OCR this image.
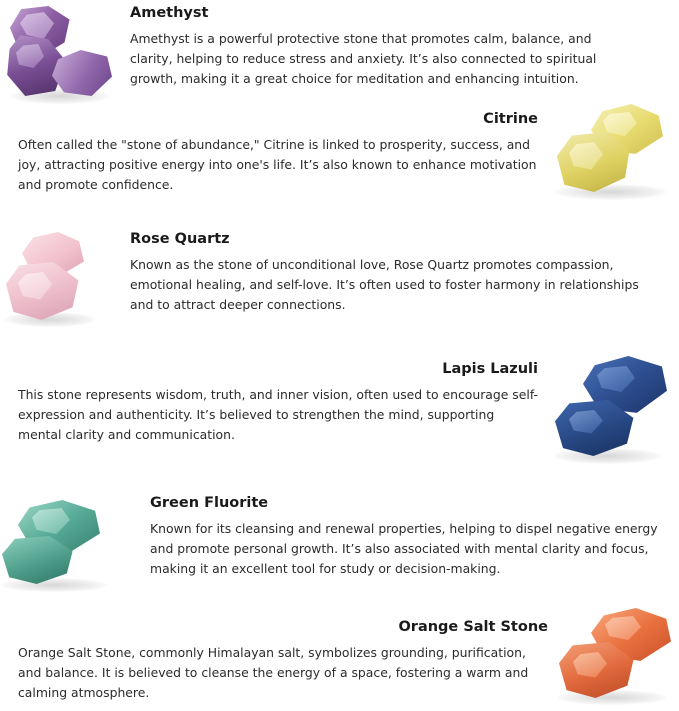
Amethyst

Amethyst is a powerful protective stone that promotes calm, balance, and clarity, helping to reduce stress and anxiety. It’s also connected to spiritual growth, making it a great choice for meditation and enhancing intuition.

Citrine

Often called the "stone of abundance," Citrine is linked to prosperity, success, and joy, attracting positive energy into one's life. It’s also known to enhance motivation and promote confidence.

Rose Quartz

Known as the stone of unconditional love, Rose Quartz promotes compassion, emotional healing, and self-love. It’s often used to foster harmony in relationships and to attract deeper connections.

Lapis Lazuli

This stone represents wisdom, truth, and inner vision, often used to encourage self-expression and authenticity. It’s believed to strengthen the mind, supporting mental clarity and communication.

Green Fluorite

Known for its cleansing and renewal properties, helping to dispel negative energy and promote personal growth. It’s also associated with mental clarity and focus, making it an excellent tool for study or decision-making.

Orange Salt Stone

Orange Salt Stone, commonly Himalayan salt, symbolizes grounding, purification, and balance. It is believed to cleanse the energy of a space, fostering a warm and calming atmosphere.
